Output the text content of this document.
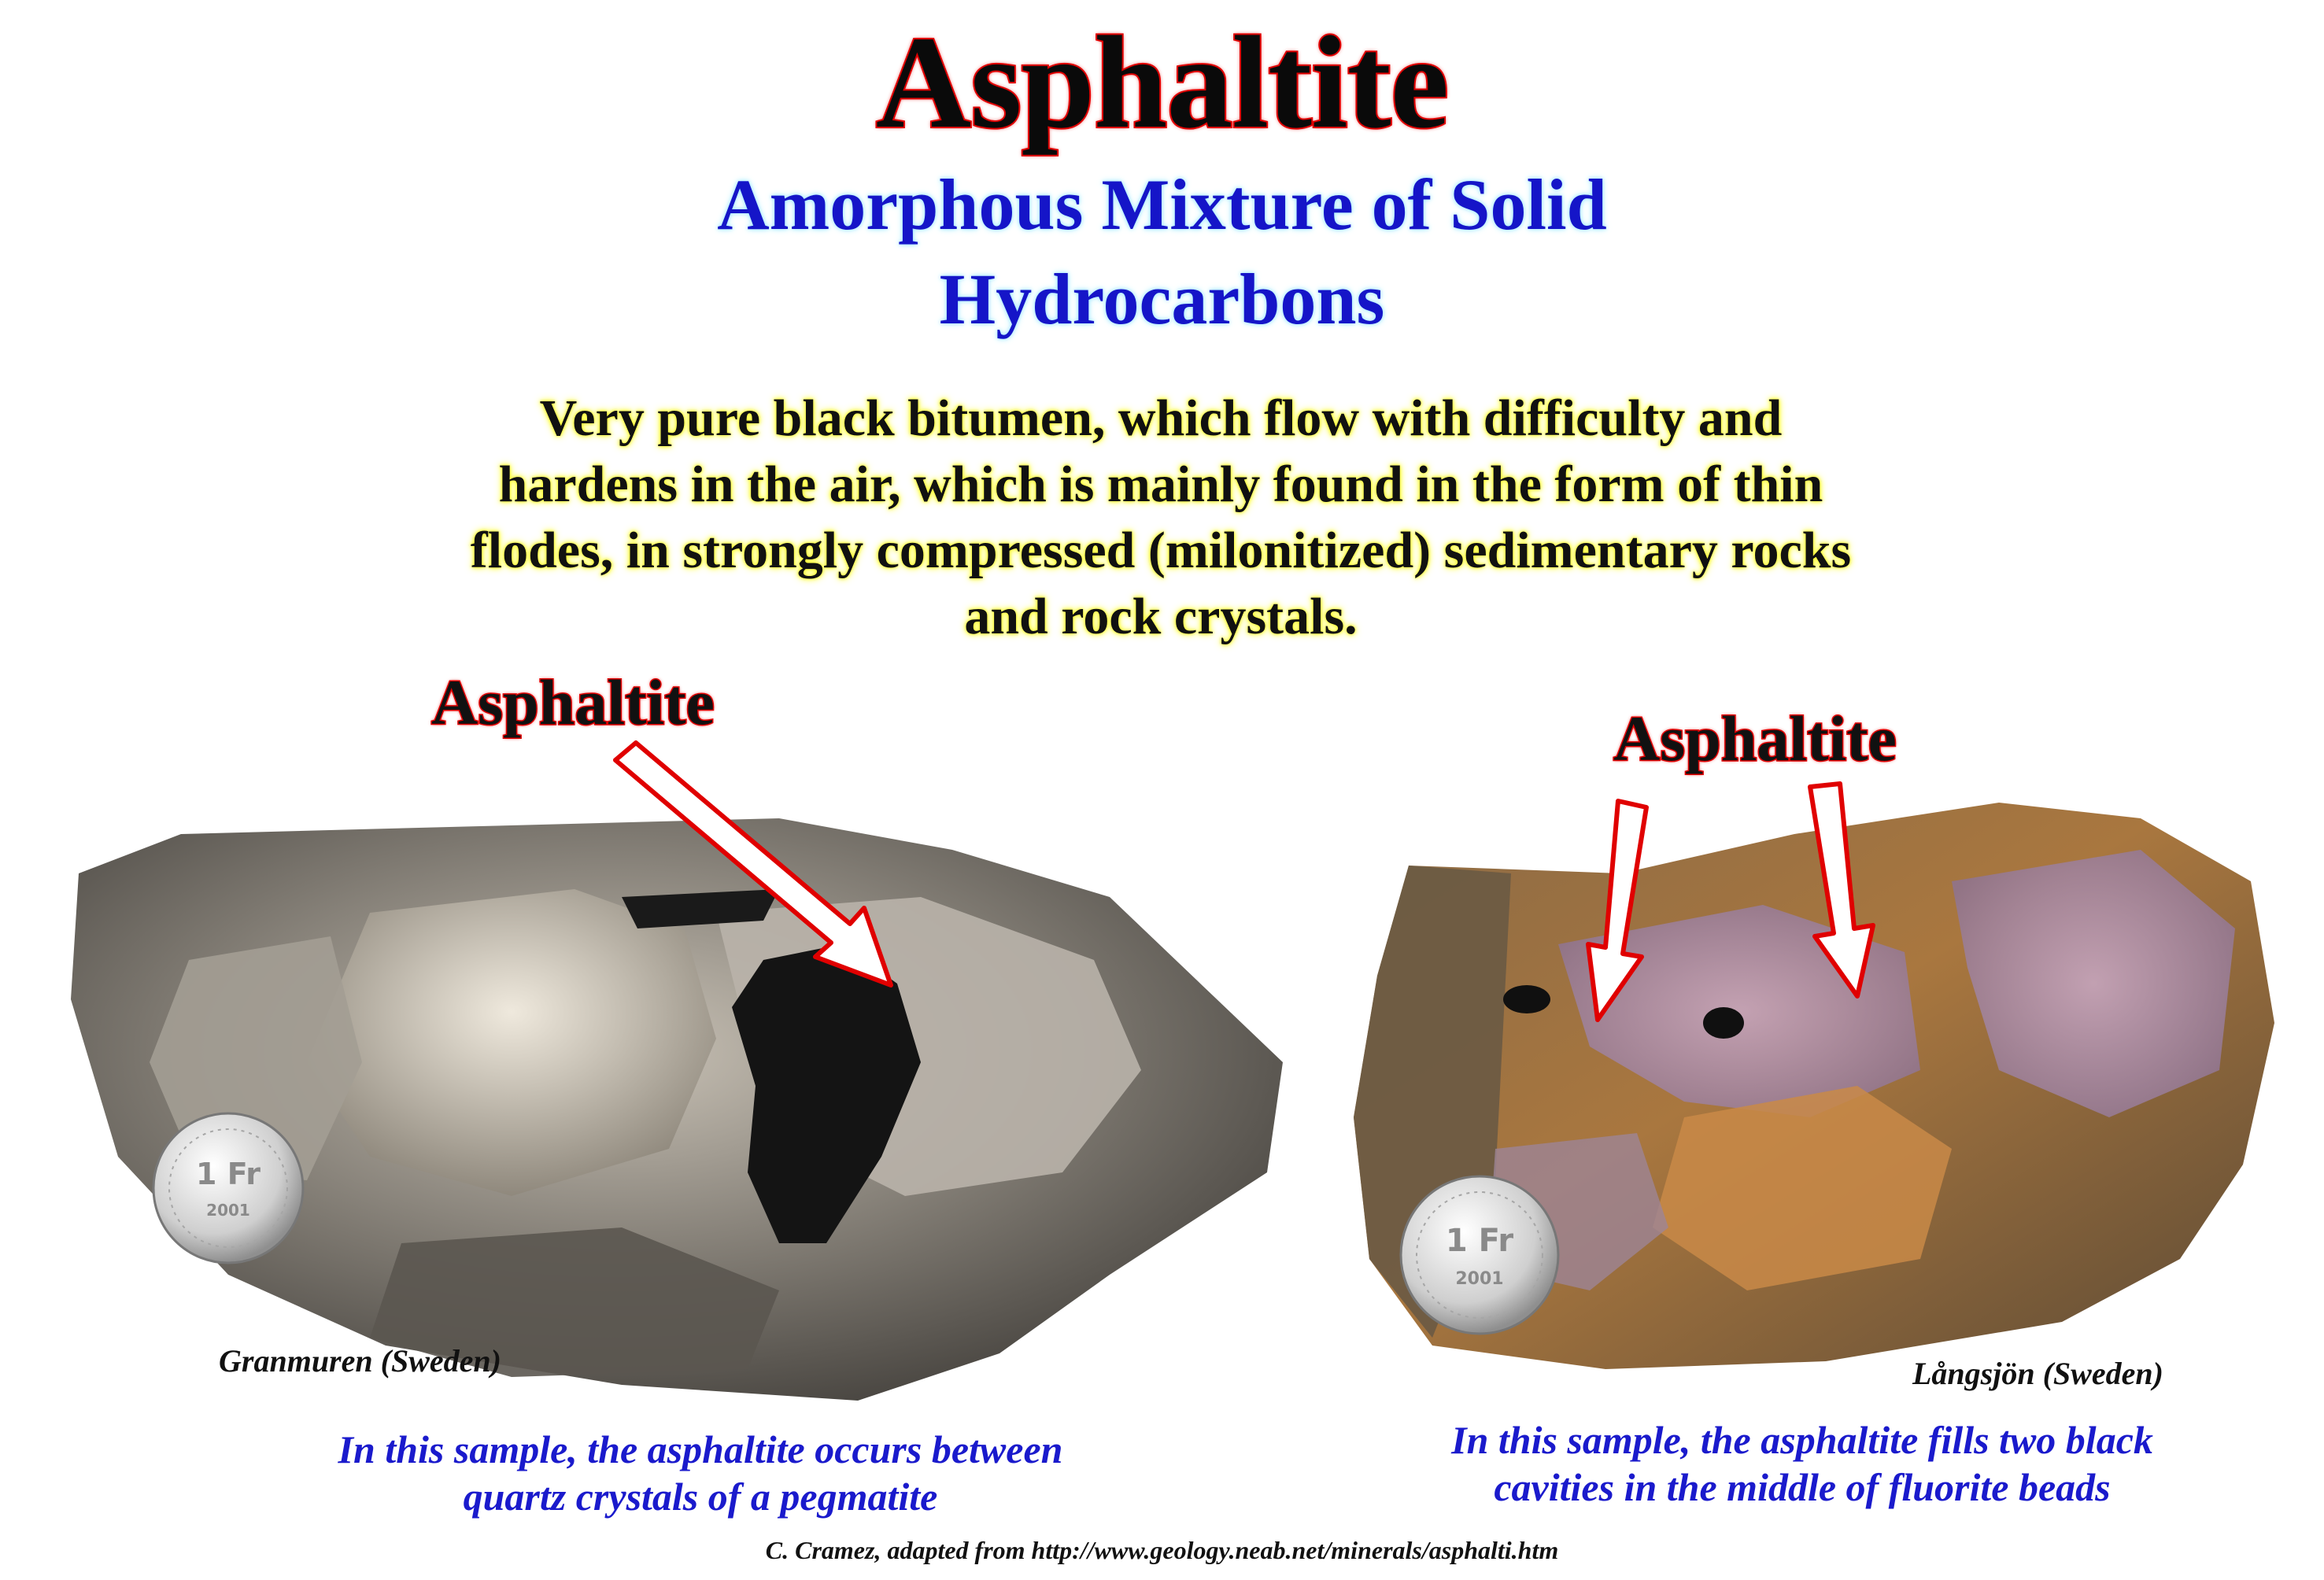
Asphaltite
Amorphous Mixture of Solid
Hydrocarbons
Very pure black bitumen, which flow with difficulty and
hardens in the air, which is mainly found in the form of thin
flodes, in strongly compressed (milonitized) sedimentary rocks
and rock crystals.
1 Fr
2001
1 Fr
2001
Asphaltite
Asphaltite
Granmuren (Sweden)	Långsjön (Sweden)
In this sample, the asphaltite occurs between
quartz crystals of a pegmatite
In this sample, the asphaltite fills two black
cavities in the middle of fluorite beads
C. Cramez, adapted from http://www.geology.neab.net/minerals/asphalti.htm
